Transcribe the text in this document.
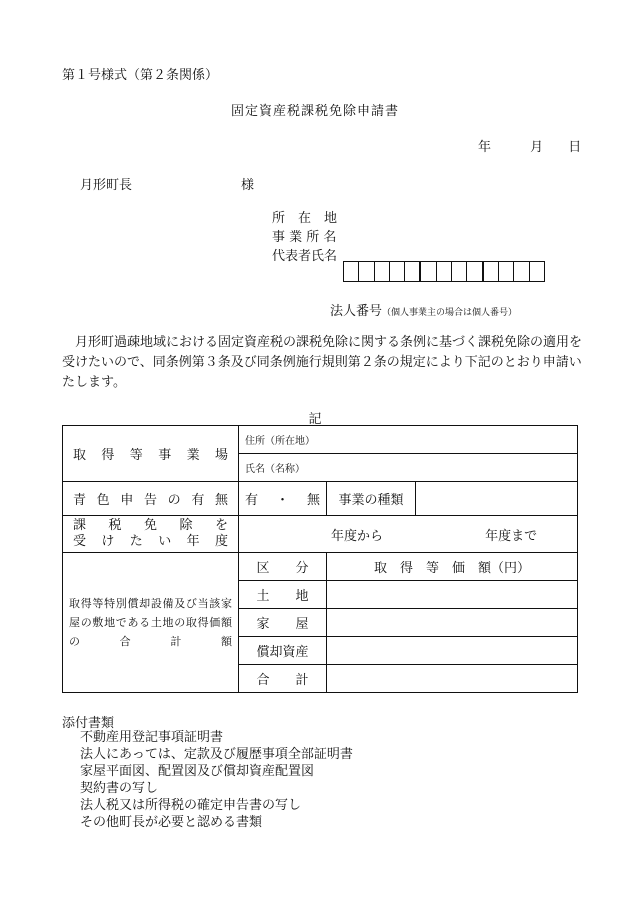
第１号様式（第２条関係）
固定資産税課税免除申請書
年	月 日
月形町長	様
所　在　地
事 業 所 名
代表者氏名
法人番号（個人事業主の場合は個人番号）
　月形町過疎地域における固定資産税の課税免除に関する条例に基づく課税免除の適用を受けたいので、同条例第３条及び同条例施行規則第２条の規定により下記のとおり申請いたします。
記
取得等事業場	住所（所在地）		
	氏名（名称）		
青色申告の有無	有　・　無	事業の種類	

課税免除を
受けたい年度	年度から 年度まで		
取得等特別償却設備及び当該家屋の敷地である土地の取得価額の合計額	区　　分	取　得　等　価　額（円）	
	土　　地		
	家　　屋		
	償却資産		
	合　　計		
添付書類
不動産用登記事項証明書
法人にあっては、定款及び履歴事項全部証明書
家屋平面図、配置図及び償却資産配置図
契約書の写し
法人税又は所得税の確定申告書の写し
その他町長が必要と認める書類
